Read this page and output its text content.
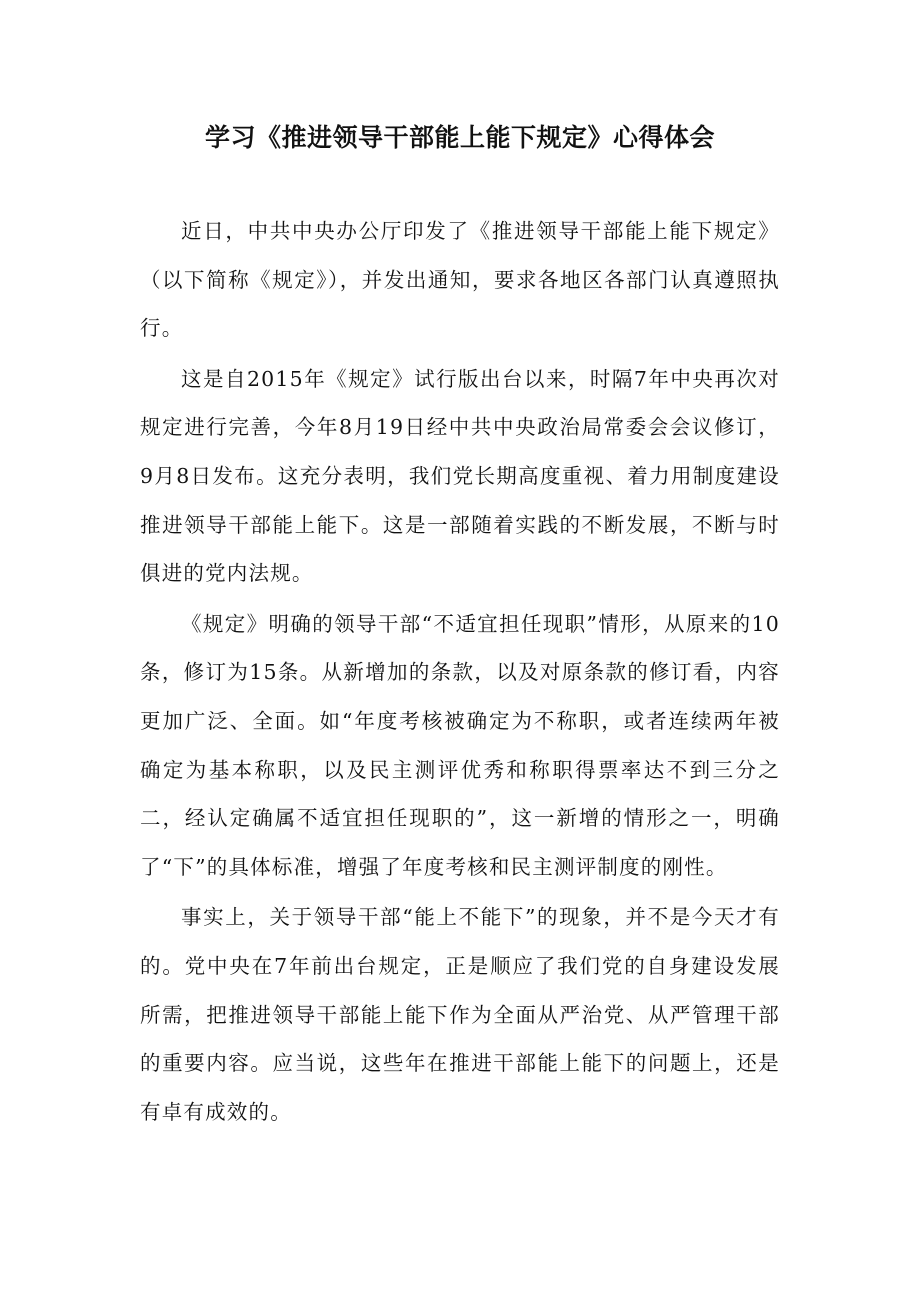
学习《推进领导干部能上能下规定》心得体会

近日，中共中央办公厅印发了《推进领导干部能上能下规定》（以下简称《规定》），并发出通知，要求各地区各部门认真遵照执行。

这是自2015年《规定》试行版出台以来，时隔7年中央再次对规定进行完善，今年8月19日经中共中央政治局常委会会议修订，9月8日发布。这充分表明，我们党长期高度重视、着力用制度建设推进领导干部能上能下。这是一部随着实践的不断发展，不断与时俱进的党内法规。

《规定》明确的领导干部“不适宜担任现职”情形，从原来的10条，修订为15条。从新增加的条款，以及对原条款的修订看，内容更加广泛、全面。如“年度考核被确定为不称职，或者连续两年被确定为基本称职，以及民主测评优秀和称职得票率达不到三分之二，经认定确属不适宜担任现职的”，这一新增的情形之一，明确了“下”的具体标准，增强了年度考核和民主测评制度的刚性。

事实上，关于领导干部“能上不能下”的现象，并不是今天才有的。党中央在7年前出台规定，正是顺应了我们党的自身建设发展所需，把推进领导干部能上能下作为全面从严治党、从严管理干部的重要内容。应当说，这些年在推进干部能上能下的问题上，还是有卓有成效的。
